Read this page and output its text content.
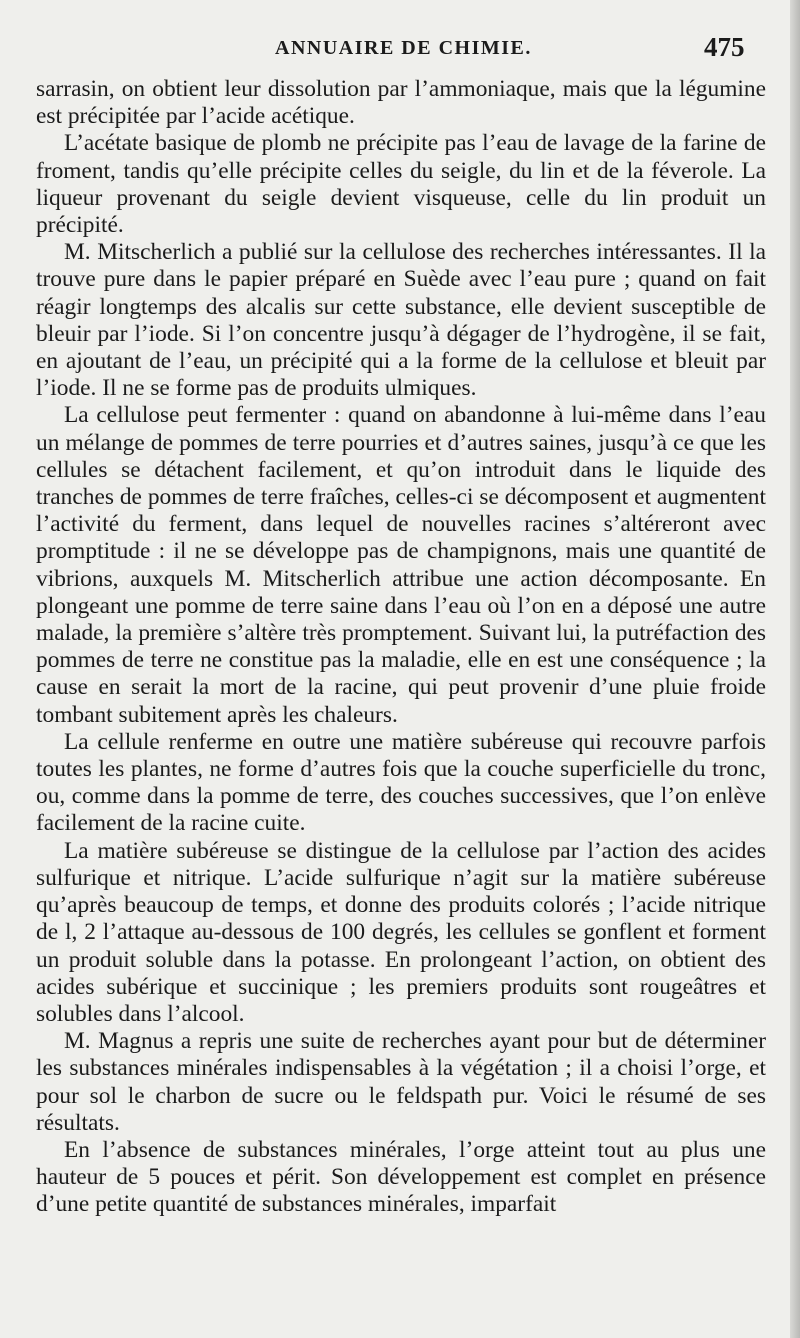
ANNUAIRE DE CHIMIE.	475

sarrasin, on obtient leur dissolution par l’ammoniaque, mais que la légumine est précipitée par l’acide acétique.

L’acétate basique de plomb ne précipite pas l’eau de lavage de la farine de froment, tandis qu’elle précipite celles du seigle, du lin et de la féverole. La liqueur provenant du seigle devient visqueuse, celle du lin produit un précipité.

M. Mitscherlich a publié sur la cellulose des recherches intéressantes. Il la trouve pure dans le papier préparé en Suède avec l’eau pure ; quand on fait réagir longtemps des alcalis sur cette substance, elle devient susceptible de bleuir par l’iode. Si l’on concentre jusqu’à dégager de l’hydrogène, il se fait, en ajoutant de l’eau, un précipité qui a la forme de la cellulose et bleuit par l’iode. Il ne se forme pas de produits ulmiques.

La cellulose peut fermenter : quand on abandonne à lui-même dans l’eau un mélange de pommes de terre pourries et d’autres saines, jusqu’à ce que les cellules se détachent facilement, et qu’on introduit dans le liquide des tranches de pommes de terre fraîches, celles-ci se décomposent et augmentent l’activité du ferment, dans lequel de nouvelles racines s’altéreront avec promptitude : il ne se développe pas de champignons, mais une quantité de vibrions, auxquels M. Mitscherlich attribue une action décomposante. En plongeant une pomme de terre saine dans l’eau où l’on en a déposé une autre malade, la première s’altère très promptement. Suivant lui, la putréfaction des pommes de terre ne constitue pas la maladie, elle en est une conséquence ; la cause en serait la mort de la racine, qui peut provenir d’une pluie froide tombant subitement après les chaleurs.

La cellule renferme en outre une matière subéreuse qui recouvre parfois toutes les plantes, ne forme d’autres fois que la couche superficielle du tronc, ou, comme dans la pomme de terre, des couches successives, que l’on enlève facilement de la racine cuite.

La matière subéreuse se distingue de la cellulose par l’action des acides sulfurique et nitrique. L’acide sulfurique n’agit sur la matière subéreuse qu’après beaucoup de temps, et donne des produits colorés ; l’acide nitrique de l, 2 l’attaque au-dessous de 100 degrés, les cellules se gonflent et forment un produit soluble dans la potasse. En prolongeant l’action, on obtient des acides subérique et succinique ; les premiers produits sont rougeâtres et solubles dans l’alcool.

M. Magnus a repris une suite de recherches ayant pour but de déterminer les substances minérales indispensables à la végétation ; il a choisi l’orge, et pour sol le charbon de sucre ou le feldspath pur. Voici le résumé de ses résultats.

En l’absence de substances minérales, l’orge atteint tout au plus une hauteur de 5 pouces et périt. Son développement est complet en présence d’une petite quantité de substances minérales, imparfait
